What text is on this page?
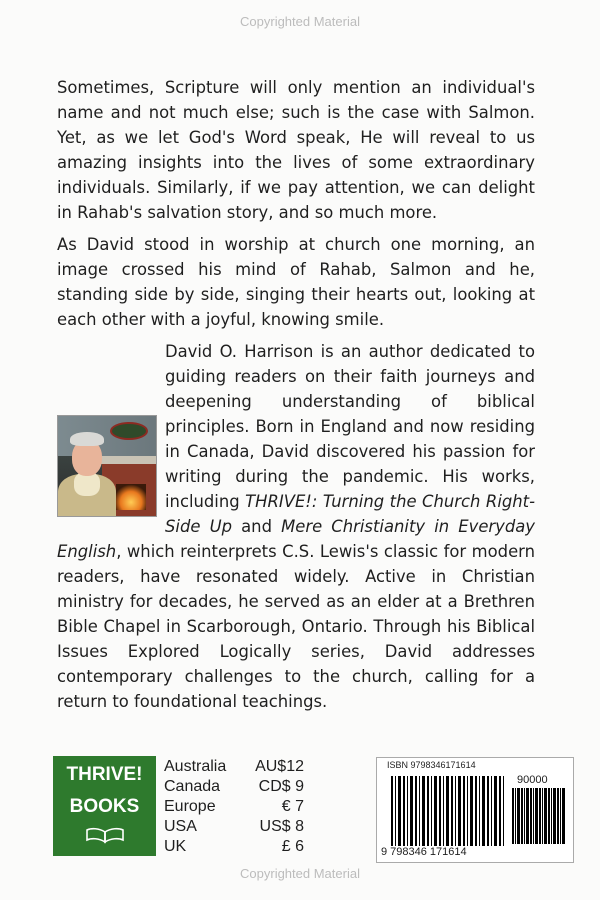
Copyrighted Material

Sometimes, Scripture will only mention an individual's name and not much else; such is the case with Salmon. Yet, as we let God's Word speak, He will reveal to us amazing insights into the lives of some extraordinary individuals. Similarly, if we pay attention, we can delight in Rahab's salvation story, and so much more.

As David stood in worship at church one morning, an image crossed his mind of Rahab, Salmon and he, standing side by side, singing their hearts out, looking at each other with a joyful, knowing smile.

David O. Harrison is an author dedicated to guiding readers on their faith journeys and deepening understanding of biblical principles. Born in England and now residing in Canada, David discovered his passion for writing during the pandemic. His works, including THRIVE!: Turning the Church Right-Side Up and Mere Christianity in Everyday English, which reinterprets C.S. Lewis's classic for modern readers, have resonated widely. Active in Christian ministry for decades, he served as an elder at a Brethren Bible Chapel in Scarborough, Ontario. Through his Biblical Issues Explored Logically series, David addresses contemporary challenges to the church, calling for a return to foundational teachings.

THRIVE!
BOOKS
Australia AU$12
Canada CD$ 9
Europe	€ 7
USA	US$ 8
UK	£ 6
ISBN 9798346171614
90000
9 798346 171614
Copyrighted Material
